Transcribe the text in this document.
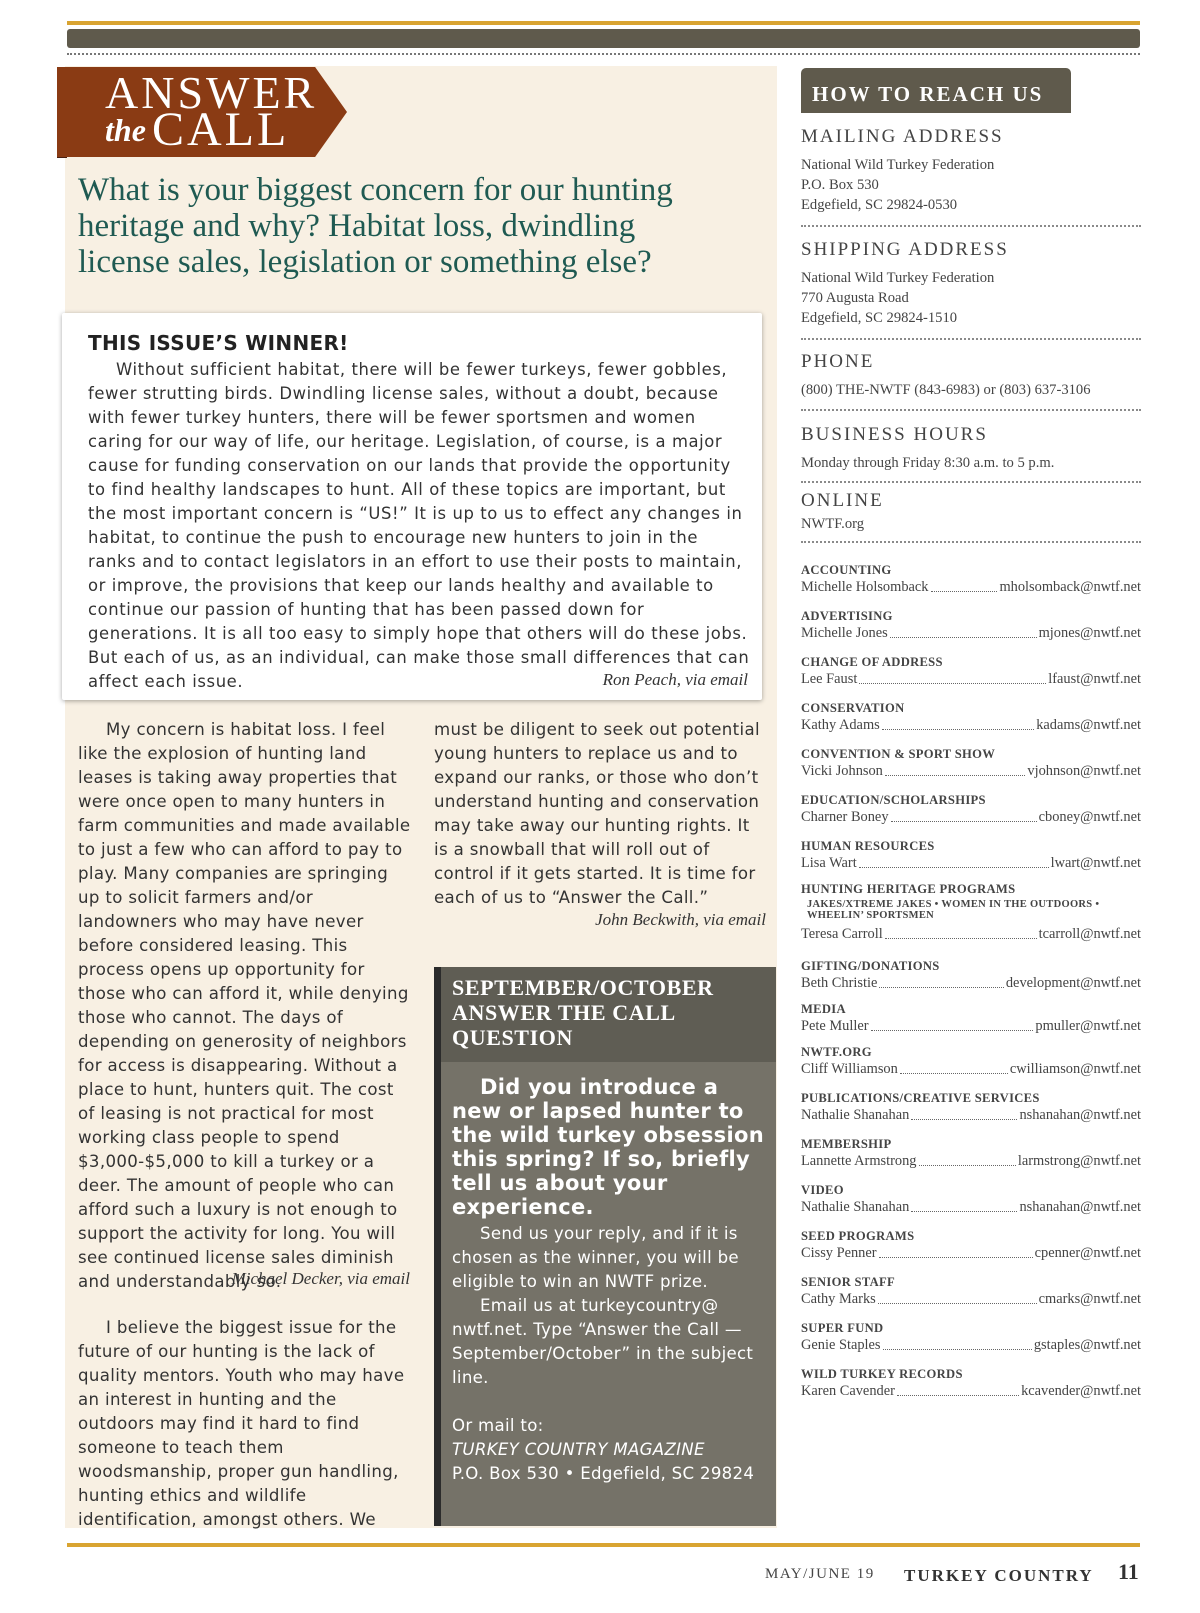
ANSWER
the CALL
What is your biggest concern for our hunting heritage and why? Habitat loss, dwindling license sales, legislation or something else?
THIS ISSUE’S WINNER!

Without sufficient habitat, there will be fewer turkeys, fewer gobbles, fewer strutting birds. Dwindling license sales, without a doubt, because with fewer turkey hunters, there will be fewer sportsmen and women caring for our way of life, our heritage. Legislation, of course, is a major cause for funding conservation on our lands that provide the opportunity to find healthy landscapes to hunt. All of these topics are important, but the most important concern is “US!” It is up to us to effect any changes in habitat, to continue the push to encourage new hunters to join in the ranks and to contact legislators in an effort to use their posts to maintain, or improve, the provisions that keep our lands healthy and available to continue our passion of hunting that has been passed down for generations. It is all too easy to simply hope that others will do these jobs. But each of us, as an individual, can make those small differences that can affect each issue.	Ron Peach, via email

My concern is habitat loss. I feel like the explosion of hunting land leases is taking away properties that were once open to many hunters in farm communities and made available to just a few who can afford to pay to play. Many companies are springing up to solicit farmers and/or landowners who may have never before considered leasing. This process opens up opportunity for those who can afford it, while denying those who cannot. The days of depending on generosity of neighbors for access is disappearing. Without a place to hunt, hunters quit. The cost of leasing is not practical for most working class people to spend $3,000-$5,000 to kill a turkey or a deer. The amount of people who can afford such a luxury is not enough to support the activity for long. You will see continued license sales diminish and understandably so.

Michael Decker, via email

I believe the biggest issue for the future of our hunting is the lack of quality mentors. Youth who may have an interest in hunting and the outdoors may find it hard to find someone to teach them woodsmanship, proper gun handling, hunting ethics and wildlife identification, amongst others. We

must be diligent to seek out potential young hunters to replace us and to expand our ranks, or those who don’t understand hunting and conservation may take away our hunting rights. It is a snowball that will roll out of control if it gets started. It is time for each of us to “Answer the Call.”

John Beckwith, via email
SEPTEMBER/OCTOBER
ANSWER THE CALL
QUESTION

Did you introduce a new or lapsed hunter to the wild turkey obsession this spring? If so, briefly tell us about your experience.

Send us your reply, and if it is chosen as the winner, you will be eligible to win an NWTF prize.
Email us at turkeycountry@ nwtf.net. Type “Answer the Call — September/October” in the subject line.
Or mail to:
TURKEY COUNTRY MAGAZINE
P.O. Box 530 • Edgefield, SC 29824
HOW TO REACH US
MAILING ADDRESS
National Wild Turkey Federation
P.O. Box 530
Edgefield, SC 29824-0530
SHIPPING ADDRESS
National Wild Turkey Federation
770 Augusta Road
Edgefield, SC 29824-1510
PHONE
(800) THE-NWTF (843-6983) or (803) 637-3106
BUSINESS HOURS
Monday through Friday 8:30 a.m. to 5 p.m.
ONLINE
NWTF.org
ACCOUNTING
Michelle Holsomback	mholsomback@nwtf.net
ADVERTISING
Michelle Jones	mjones@nwtf.net
CHANGE OF ADDRESS
Lee Faust	lfaust@nwtf.net
CONSERVATION
Kathy Adams	kadams@nwtf.net
CONVENTION & SPORT SHOW
Vicki Johnson	vjohnson@nwtf.net
EDUCATION/SCHOLARSHIPS
Charner Boney	cboney@nwtf.net
HUMAN RESOURCES
Lisa Wart	lwart@nwtf.net
HUNTING HERITAGE PROGRAMS
JAKES/XTREME JAKES • WOMEN IN THE OUTDOORS •
WHEELIN’ SPORTSMEN
Teresa Carroll	tcarroll@nwtf.net
GIFTING/DONATIONS
Beth Christie	development@nwtf.net
MEDIA
Pete Muller	pmuller@nwtf.net
NWTF.ORG
Cliff Williamson	cwilliamson@nwtf.net
PUBLICATIONS/CREATIVE SERVICES
Nathalie Shanahan	nshanahan@nwtf.net
MEMBERSHIP
Lannette Armstrong	larmstrong@nwtf.net
VIDEO
Nathalie Shanahan	nshanahan@nwtf.net
SEED PROGRAMS
Cissy Penner	cpenner@nwtf.net
SENIOR STAFF
Cathy Marks	cmarks@nwtf.net
SUPER FUND
Genie Staples	gstaples@nwtf.net
WILD TURKEY RECORDS
Karen Cavender	kcavender@nwtf.net
MAY/JUNE 19 TURKEY COUNTRY 11
